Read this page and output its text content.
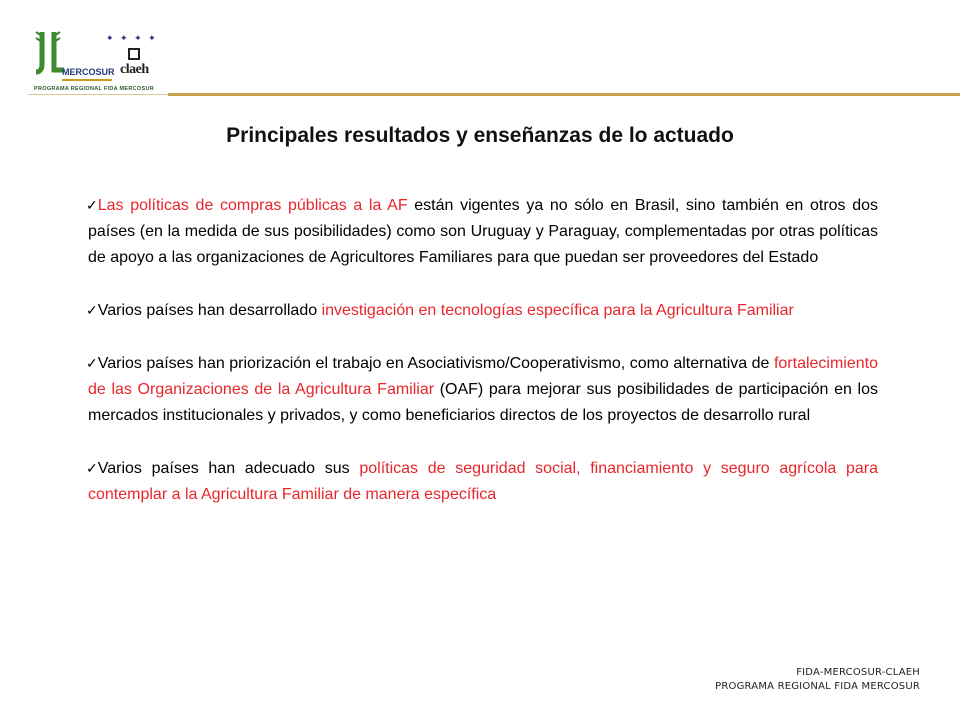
✦ ✦ ✦ ✦
MERCOSUR claeh
PROGRAMA REGIONAL FIDA MERCOSUR
Principales resultados y enseñanzas de lo actuado
✓Las políticas de compras públicas a la AF están vigentes ya no sólo en Brasil, sino también en otros dos países (en la medida de sus posibilidades) como son Uruguay y Paraguay, complementadas por otras políticas de apoyo a las organizaciones de Agricultores Familiares para que puedan ser proveedores del Estado
✓Varios países han desarrollado investigación en tecnologías específica para la Agricultura Familiar
✓Varios países han priorización el trabajo en Asociativismo/Cooperativismo, como alternativa de fortalecimiento de las Organizaciones de la Agricultura Familiar (OAF) para mejorar sus posibilidades de participación en los mercados institucionales y privados, y como beneficiarios directos de los proyectos de desarrollo rural
✓Varios países han adecuado sus políticas de seguridad social, financiamiento y seguro agrícola para contemplar a la Agricultura Familiar de manera específica
FIDA-MERCOSUR-CLAEH
PROGRAMA REGIONAL FIDA MERCOSUR
